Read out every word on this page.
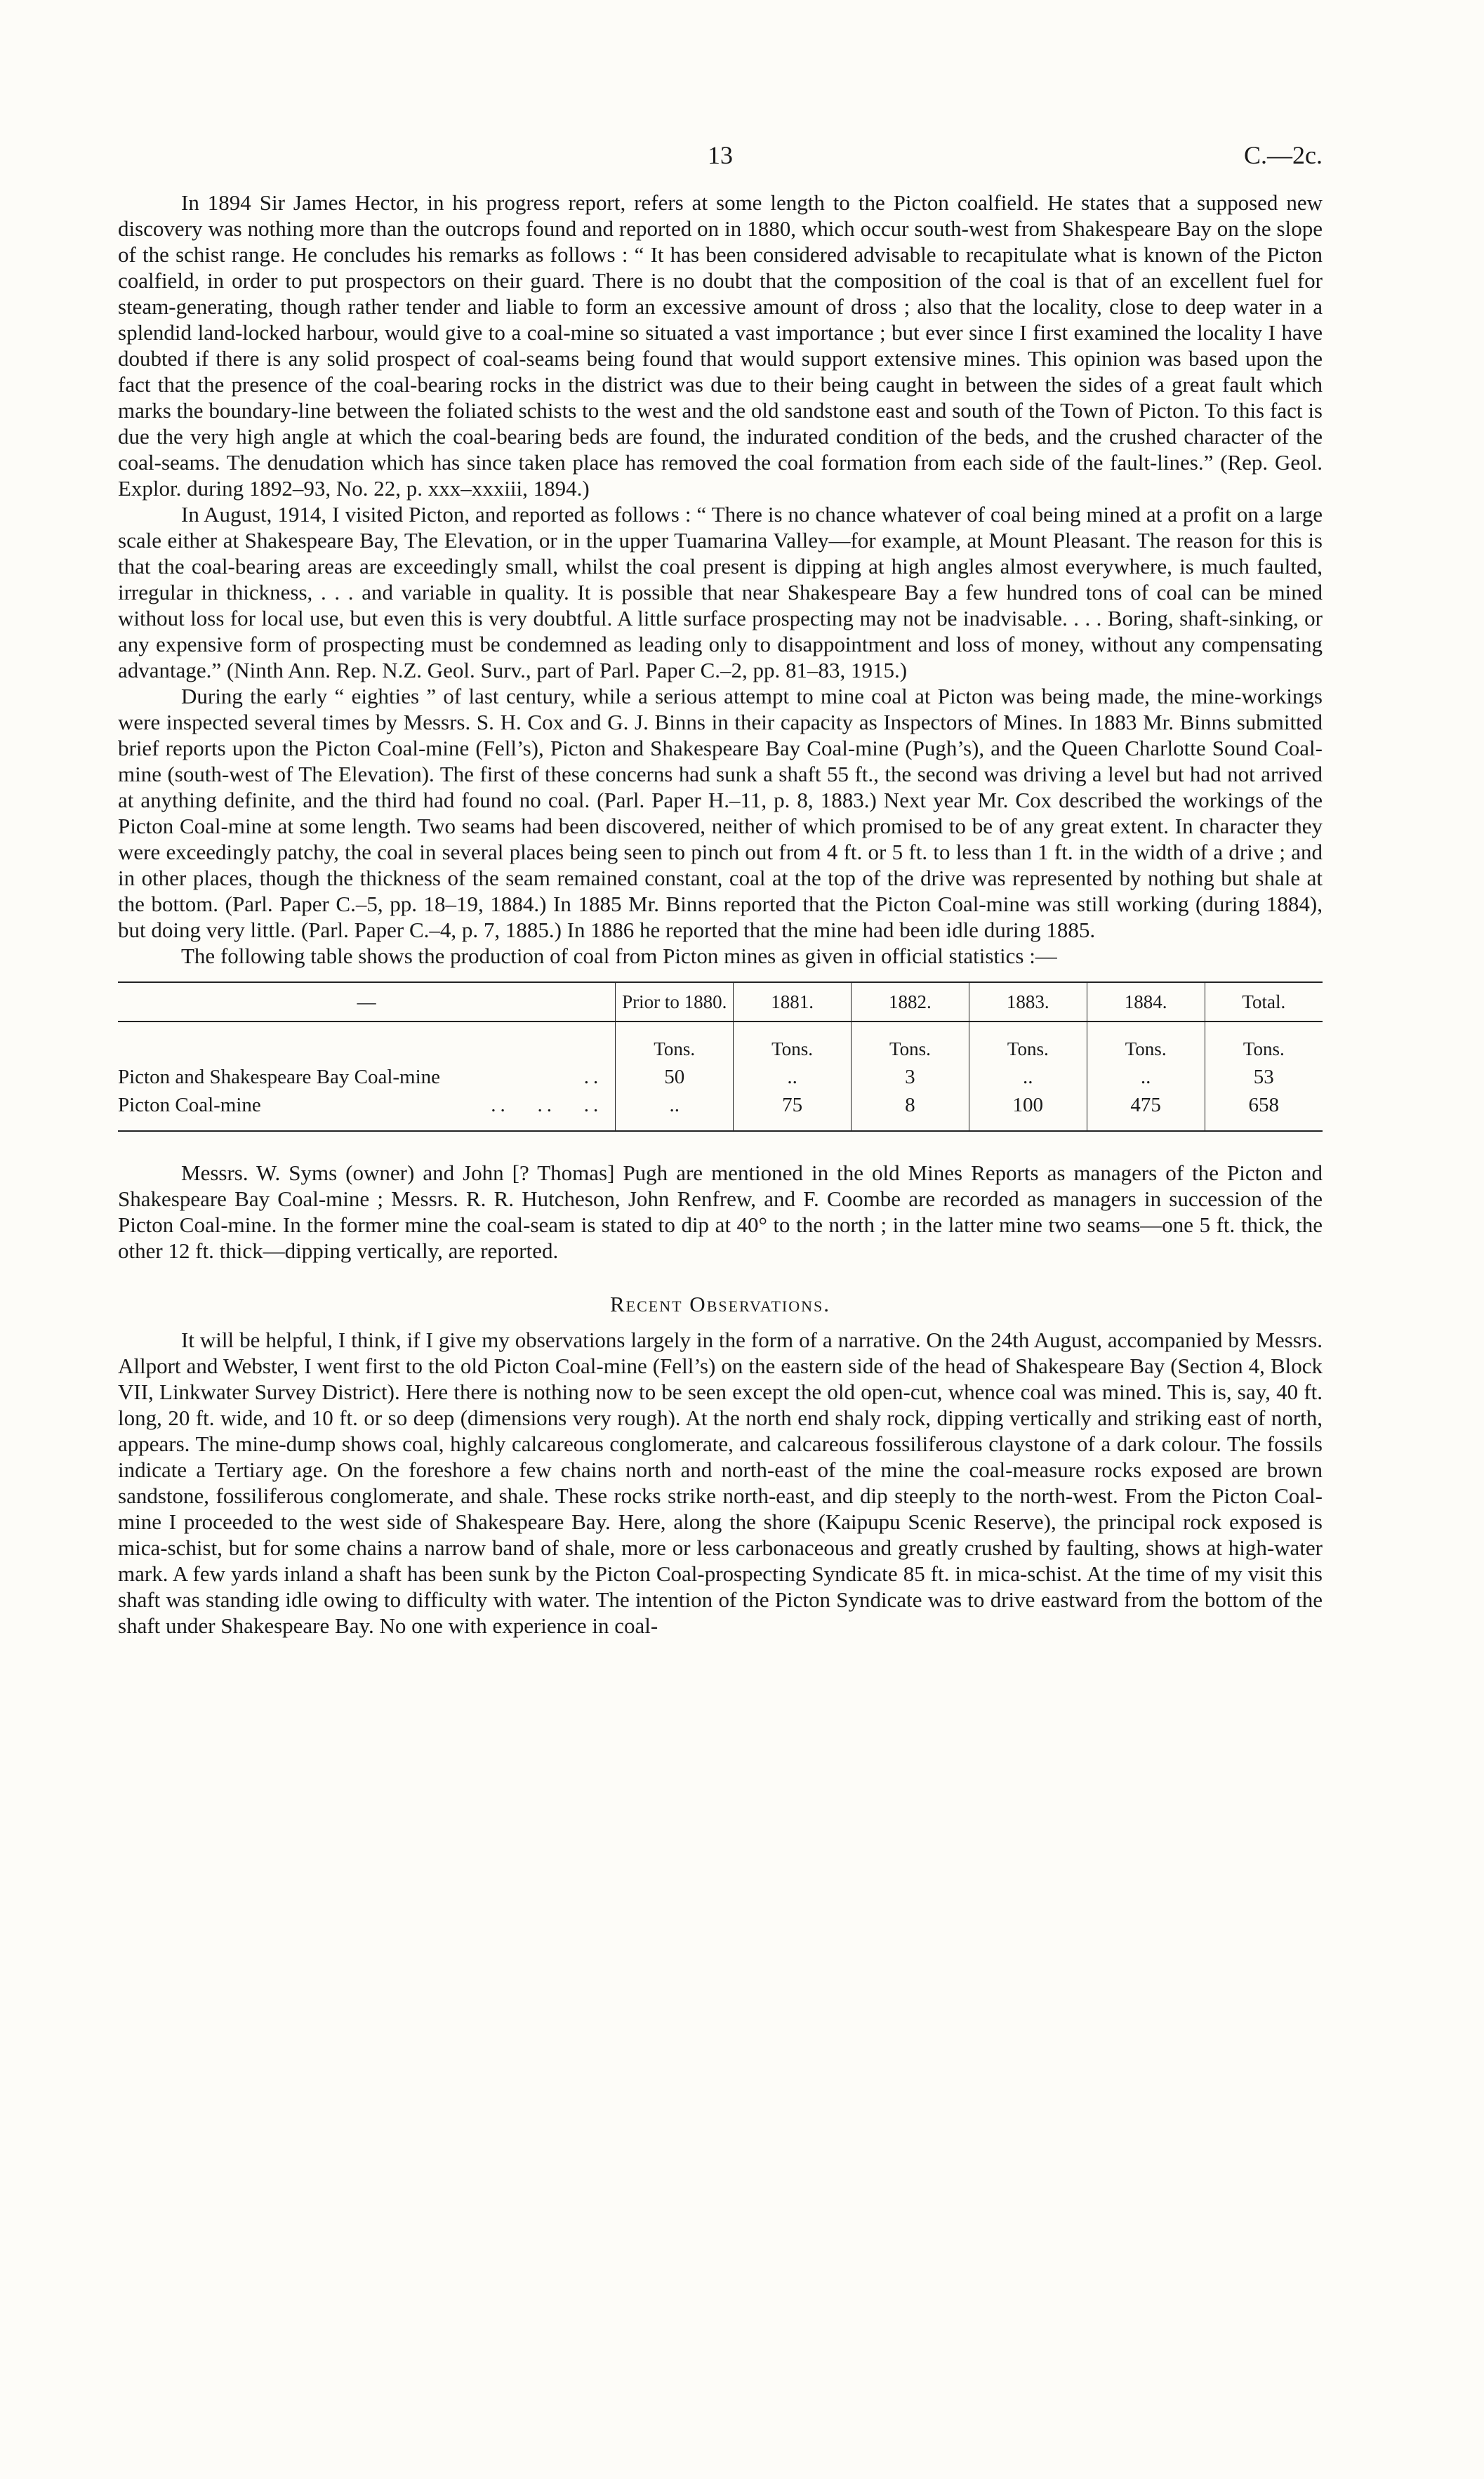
13	C.—2c.

In 1894 Sir James Hector, in his progress report, refers at some length to the Picton coalfield. He states that a supposed new discovery was nothing more than the outcrops found and reported on in 1880, which occur south-west from Shakespeare Bay on the slope of the schist range. He concludes his remarks as follows : “ It has been considered advisable to recapitulate what is known of the Picton coalfield, in order to put prospectors on their guard. There is no doubt that the composition of the coal is that of an excellent fuel for steam-generating, though rather tender and liable to form an excessive amount of dross ; also that the locality, close to deep water in a splendid land-locked harbour, would give to a coal-mine so situated a vast importance ; but ever since I first examined the locality I have doubted if there is any solid prospect of coal-seams being found that would support extensive mines. This opinion was based upon the fact that the presence of the coal-bearing rocks in the district was due to their being caught in between the sides of a great fault which marks the boundary-line between the foliated schists to the west and the old sandstone east and south of the Town of Picton. To this fact is due the very high angle at which the coal-bearing beds are found, the indurated condition of the beds, and the crushed character of the coal-seams. The denudation which has since taken place has removed the coal formation from each side of the fault-lines.” (Rep. Geol. Explor. during 1892–93, No. 22, p. xxx–xxxiii, 1894.)

In August, 1914, I visited Picton, and reported as follows : “ There is no chance whatever of coal being mined at a profit on a large scale either at Shakespeare Bay, The Elevation, or in the upper Tuamarina Valley—for example, at Mount Pleasant. The reason for this is that the coal-bearing areas are exceedingly small, whilst the coal present is dipping at high angles almost everywhere, is much faulted, irregular in thickness, . . . and variable in quality. It is possible that near Shakespeare Bay a few hundred tons of coal can be mined without loss for local use, but even this is very doubtful. A little surface prospecting may not be inadvisable. . . . Boring, shaft-sinking, or any expensive form of prospecting must be condemned as leading only to disappointment and loss of money, without any compensating advantage.” (Ninth Ann. Rep. N.Z. Geol. Surv., part of Parl. Paper C.–2, pp. 81–83, 1915.)

During the early “ eighties ” of last century, while a serious attempt to mine coal at Picton was being made, the mine-workings were inspected several times by Messrs. S. H. Cox and G. J. Binns in their capacity as Inspectors of Mines. In 1883 Mr. Binns submitted brief reports upon the Picton Coal-mine (Fell’s), Picton and Shakespeare Bay Coal-mine (Pugh’s), and the Queen Charlotte Sound Coal-mine (south-west of The Elevation). The first of these concerns had sunk a shaft 55 ft., the second was driving a level but had not arrived at anything definite, and the third had found no coal. (Parl. Paper H.–11, p. 8, 1883.) Next year Mr. Cox described the workings of the Picton Coal-mine at some length. Two seams had been discovered, neither of which promised to be of any great extent. In character they were exceedingly patchy, the coal in several places being seen to pinch out from 4 ft. or 5 ft. to less than 1 ft. in the width of a drive ; and in other places, though the thickness of the seam remained constant, coal at the top of the drive was represented by nothing but shale at the bottom. (Parl. Paper C.–5, pp. 18–19, 1884.) In 1885 Mr. Binns reported that the Picton Coal-mine was still working (during 1884), but doing very little. (Parl. Paper C.–4, p. 7, 1885.) In 1886 he reported that the mine had been idle during 1885.

The following table shows the production of coal from Picton mines as given in official statistics :—

—	Prior to 1880.	1881.	1882.	1883.	1884.	Total.
	Tons.	Tons.	Tons.	Tons.	Tons.	Tons.
Picton and Shakespeare Bay Coal-mine ..	50	..	3	..	..	53
Picton Coal-mine ..   ..   ..	..	75	8	100	475	658

Messrs. W. Syms (owner) and John [? Thomas] Pugh are mentioned in the old Mines Reports as managers of the Picton and Shakespeare Bay Coal-mine ; Messrs. R. R. Hutcheson, John Renfrew, and F. Coombe are recorded as managers in succession of the Picton Coal-mine. In the former mine the coal-seam is stated to dip at 40° to the north ; in the latter mine two seams—one 5 ft. thick, the other 12 ft. thick—dipping vertically, are reported.

Recent Observations.

It will be helpful, I think, if I give my observations largely in the form of a narrative. On the 24th August, accompanied by Messrs. Allport and Webster, I went first to the old Picton Coal-mine (Fell’s) on the eastern side of the head of Shakespeare Bay (Section 4, Block VII, Linkwater Survey District). Here there is nothing now to be seen except the old open-cut, whence coal was mined. This is, say, 40 ft. long, 20 ft. wide, and 10 ft. or so deep (dimensions very rough). At the north end shaly rock, dipping vertically and striking east of north, appears. The mine-dump shows coal, highly calcareous conglomerate, and calcareous fossiliferous claystone of a dark colour. The fossils indicate a Tertiary age. On the foreshore a few chains north and north-east of the mine the coal-measure rocks exposed are brown sandstone, fossiliferous conglomerate, and shale. These rocks strike north-east, and dip steeply to the north-west. From the Picton Coal-mine I proceeded to the west side of Shakespeare Bay. Here, along the shore (Kaipupu Scenic Reserve), the principal rock exposed is mica-schist, but for some chains a narrow band of shale, more or less carbonaceous and greatly crushed by faulting, shows at high-water mark. A few yards inland a shaft has been sunk by the Picton Coal-prospecting Syndicate 85 ft. in mica-schist. At the time of my visit this shaft was standing idle owing to difficulty with water. The intention of the Picton Syndicate was to drive eastward from the bottom of the shaft under Shakespeare Bay. No one with experience in coal-
